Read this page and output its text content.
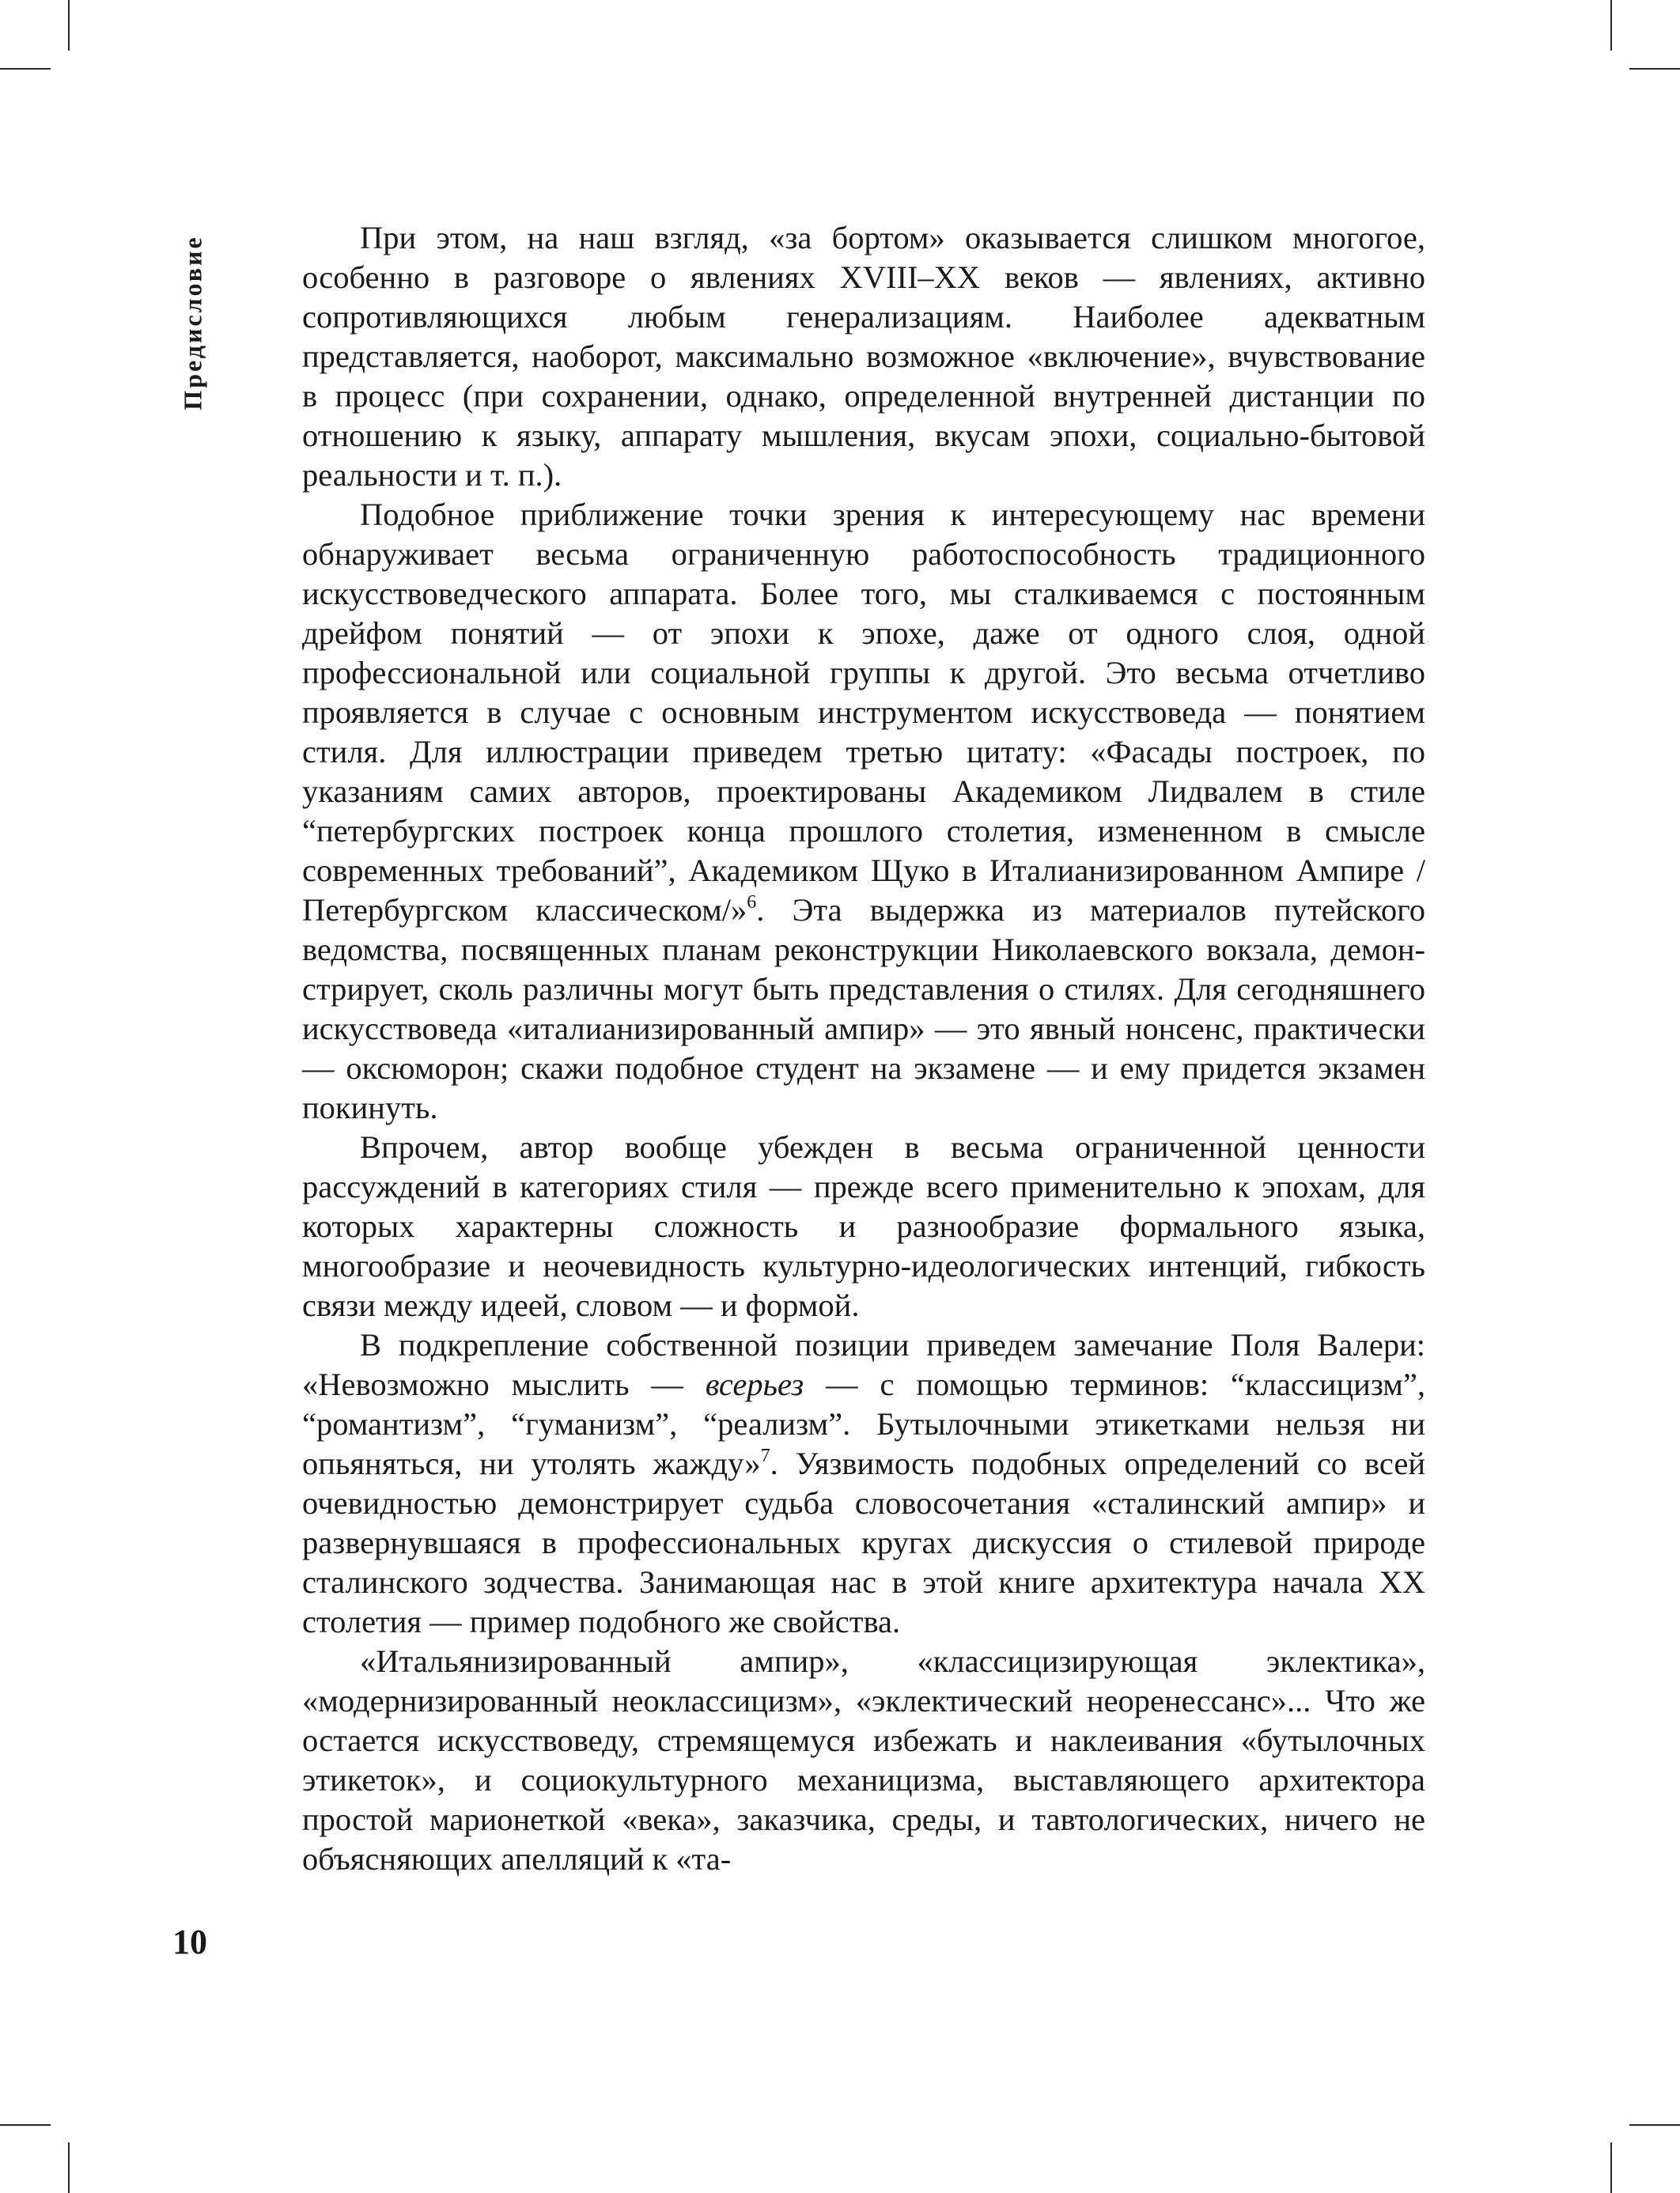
Предисловие	При этом, на наш взгляд, «за бортом» оказывается слишком многогое, особенно в разговоре о явлениях XVIII–XX веков — явлениях, активно сопротивляющихся любым генерализациям. Наиболее адекватным представляется, наоборот, максимально возможное «включение», вчувствование в процесс (при сохранении, однако, определенной внутренней дистанции по отношению к языку, аппарату мышления, вкусам эпохи, социально-бытовой реальности и т. п.).

Подобное приближение точки зрения к интересующему нас времени обнаруживает весьма ограниченную работоспособность традиционного искусствоведческого аппарата. Более того, мы сталкиваемся с постоянным дрейфом понятий — от эпохи к эпохе, даже от одного слоя, одной профессиональной или социальной группы к другой. Это весьма отчетливо проявляется в случае с основным инструментом искусствоведа — понятием стиля. Для иллюстрации приведем третью цитату: «Фасады построек, по указаниям самих авторов, проектированы Академиком Лидвалем в стиле “петербургских построек конца прошлого столетия, измененном в смысле современных требований”, Академиком Щуко в Италианизированном Ампире /Петербургском классическом/»$^6$. Эта выдержка из материалов путейского ведомства, посвященных планам реконструкции Николаевского вокзала, демонстрирует, сколь различны могут быть представления о стилях. Для сегодняшнего искусствоведа «италианизированный ампир» — это явный нонсенс, практически — оксюморон; скажи подобное студент на экзамене — и ему придется экзамен покинуть.

Впрочем, автор вообще убежден в весьма ограниченной ценности рассуждений в категориях стиля — прежде всего применительно к эпохам, для которых характерны сложность и разнообразие формального языка, многообразие и неочевидность культурно-идеологических интенций, гибкость связи между идеей, словом — и формой.

В подкрепление собственной позиции приведем замечание Поля Валери: «Невозможно мыслить — всерьез — с помощью терминов: “классицизм”, “романтизм”, “гуманизм”, “реализм”. Бутылочными этикетками нельзя ни опьяняться, ни утолять жажду»$^7$. Уязвимость подобных определений со всей очевидностью демонстрирует судьба словосочетания «сталинский ампир» и развернувшаяся в профессиональных кругах дискуссия о стилевой природе сталинского зодчества. Занимающая нас в этой книге архитектура начала XX столетия — пример подобного же свойства.

«Итальянизированный ампир», «классицизирующая эклектика», «модернизированный неоклассицизм», «эклектический неоренессанс»... Что же остается искусствоведу, стремящемуся избежать и наклеивания «бутылочных этикеток», и социокультурного механицизма, выставляющего архитектора простой марионеткой «века», заказчика, среды, и тавтологических, ничего не объясняющих апелляций к «та-

10
